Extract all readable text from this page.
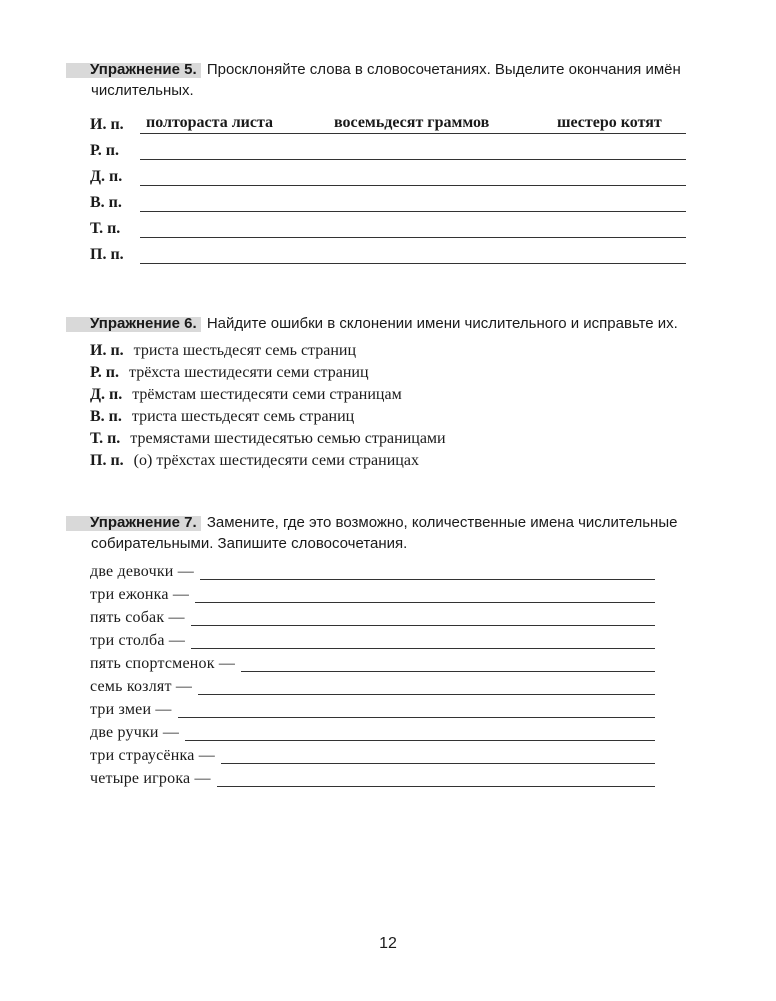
Упражнение 5. Просклоняйте слова в словосочетаниях. Выделите окончания имён
числительных.
И. п. полтораста листа	восемьдесят граммов	шестеро котят
Р. п.
Д. п.
В. п.
Т. п.
П. п.
Упражнение 6. Найдите ошибки в склонении имени числительного и исправьте их.
И. п. триста шестьдесят семь страниц
Р. п. трёхста шестидесяти семи страниц
Д. п. трёмстам шестидесяти семи страницам
В. п. триста шестьдесят семь страниц
Т. п. тремястами шестидесятью семью страницами
П. п. (о) трёхстах шестидесяти семи страницах
Упражнение 7. Замените, где это возможно, количественные имена числительные
собирательными. Запишите словосочетания.
две девочки —
три ежонка —
пять собак —
три столба —
пять спортсменок —
семь козлят —
три змеи —
две ручки —
три страусёнка —
четыре игрока —
12
